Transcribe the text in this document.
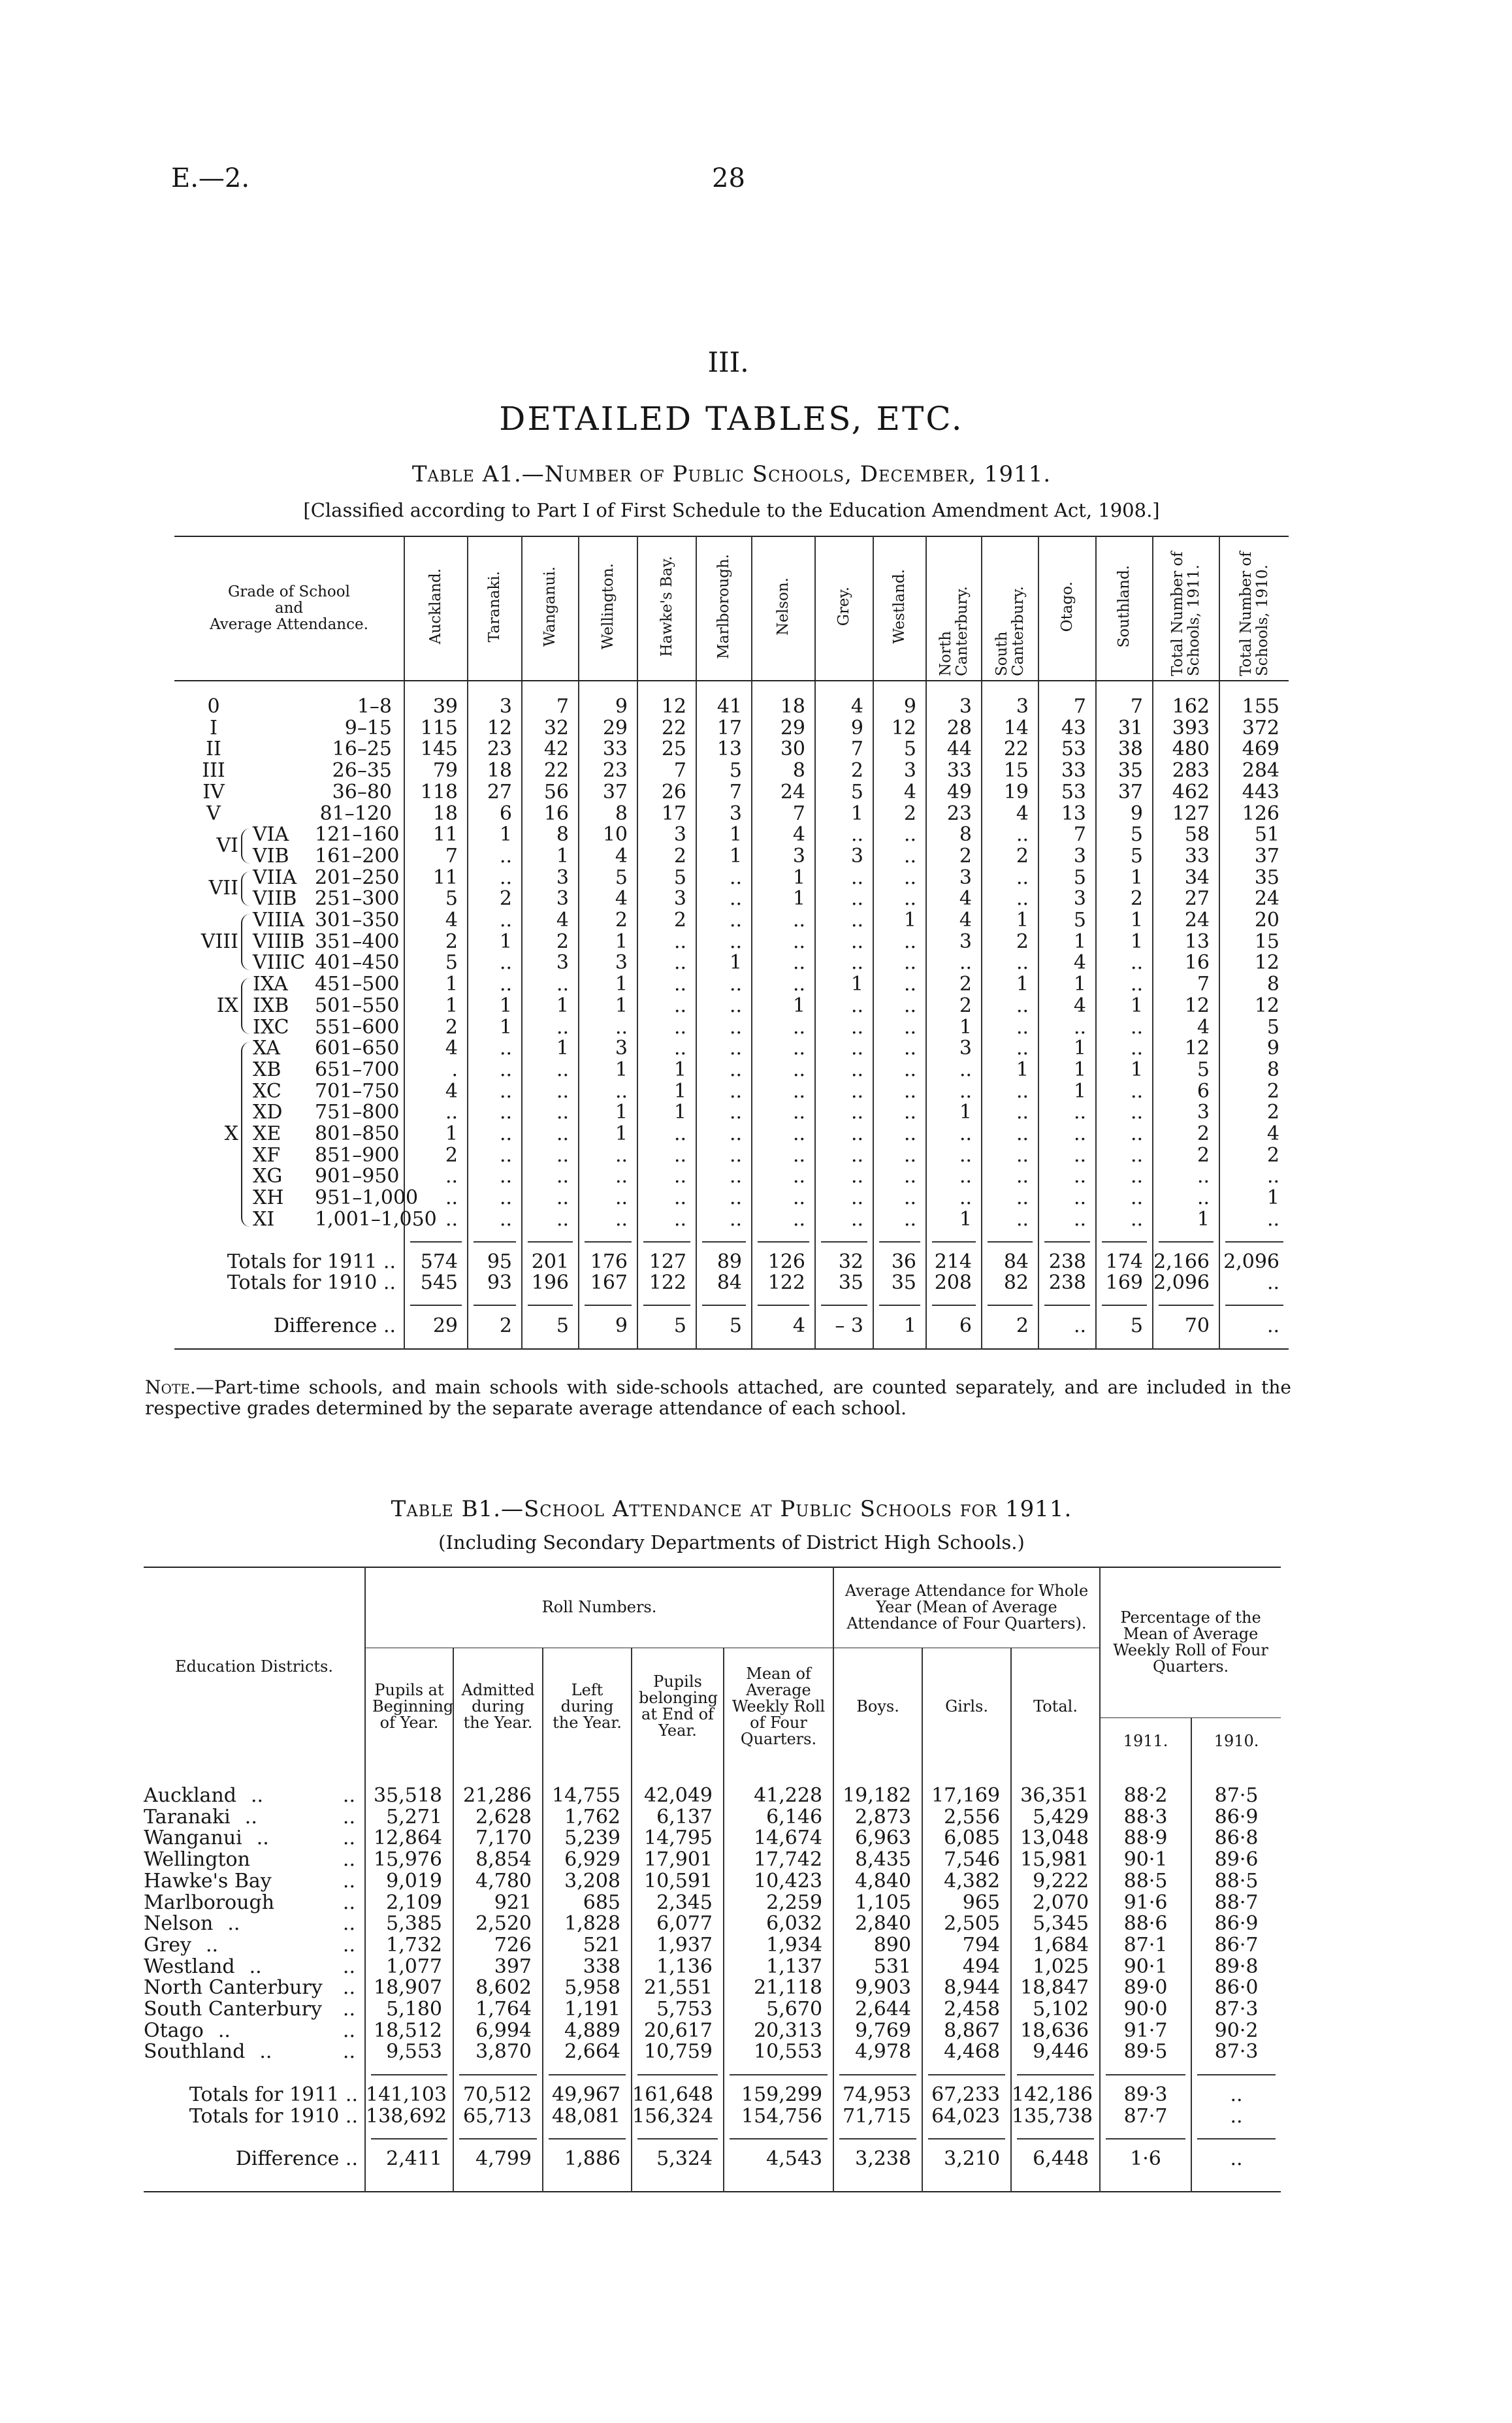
E.—2.	28
III.
DETAILED TABLES, ETC.
Table A1.—Number of Public Schools, December, 1911.
[Classified according to Part I of First Schedule to the Education Amendment Act, 1908.]
Grade of School
and
Average Attendance.			Auckland.	Taranaki.	Wanganui.	Wellington.	Hawke's Bay.	Marlborough.	Nelson.	Grey.	Westland.	North Canterbury.	South Canterbury.	Otago.	Southland.	Total Number of Schools, 1911.	Total Number of Schools, 1910.

0		1–8	39	3	7	9	12	41	18	4	9	3	3	7	7	162	155
I		9–15	115	12	32	29	22	17	29	9	12	28	14	43	31	393	372
II		16–25	145	23	42	33	25	13	30	7	5	44	22	53	38	480	469
III		26–35	79	18	22	23	7	5	8	2	3	33	15	33	35	283	284
IV		36–80	118	27	56	37	26	7	24	5	4	49	19	53	37	462	443
V		81–120	18	6	16	8	17	3	7	1	2	23	4	13	9	127	126
VI	VIA	121–160	11	1	8	10	3	1	4	..	..	8	..	7	5	58	51
	VIB	161–200	7	..	1	4	2	1	3	3	..	2	2	3	5	33	37
VII	VIIA	201–250	11	..	3	5	5	..	1	..	..	3	..	5	1	34	35
	VIIB	251–300	5	2	3	4	3	..	1	..	..	4	..	3	2	27	24
VIII	VIIIA	301–350	4	..	4	2	2	..	..	..	1	4	1	5	1	24	20
	VIIIB	351–400	2	1	2	1	..	..	..	..	..	3	2	1	1	13	15
	VIIIC	401–450	5	..	3	3	..	1	..	..	..	..	..	4	..	16	12
IX	IXA	451–500	1	..	..	1	..	..	..	1	..	2	1	1	..	7	8
	IXB	501–550	1	1	1	1	..	..	1	..	..	2	..	4	1	12	12
	IXC	551–600	2	1	..	..	..	..	..	..	..	1	..	..	..	4	5
X	XA	601–650	4	..	1	3	..	..	..	..	..	3	..	1	..	12	9
	XB	651–700	.	..	..	1	1	..	..	..	..	..	1	1	1	5	8
	XC	701–750	4	..	..	..	1	..	..	..	..	..	..	1	..	6	2
	XD	751–800	..	..	..	1	1	..	..	..	..	1	..	..	..	3	2
	XE	801–850	1	..	..	1	..	..	..	..	..	..	..	..	..	2	4
	XF	851–900	2	..	..	..	..	..	..	..	..	..	..	..	..	2	2
	XG	901–950	..	..	..	..	..	..	..	..	..	..	..	..	..	..	..
	XH	951–1,000	..	..	..	..	..	..	..	..	..	..	..	..	..	..	1
	XI	1,001–1,050	..	..	..	..	..	..	..	..	..	1	..	..	..	1	..

Totals for 1911 ..			574	95	201	176	127	89	126	32	36	214	84	238	174	2,166	2,096
Totals for 1910 ..			545	93	196	167	122	84	122	35	35	208	82	238	169	2,096	..

Difference ..			29	2	5	9	5	5	4	– 3	1	6	2	..	5	70	..

Note.—Part-time schools, and main schools with side-schools attached, are counted separately, and are included in the respective grades determined by the separate average attendance of each school.
Table B1.—School Attendance at Public Schools for 1911.
(Including Secondary Departments of District High Schools.)
Education Districts.	Roll Numbers.					Average Attendance for Whole Year (Mean of Average Attendance of Four Quarters).			Percentage of the Mean of Average Weekly Roll of Four Quarters.	
	Pupils at Beginning of Year.	Admitted during the Year.	Left during the Year.	Pupils belonging at End of Year.	Mean of Average Weekly Roll of Four Quarters.	Boys.	Girls.	Total.		
									1911.	1910.

Auckland .. ..	35,518	21,286	14,755	42,049	41,228	19,182	17,169	36,351	88·2	87·5
Taranaki .. ..	5,271	2,628	1,762	6,137	6,146	2,873	2,556	5,429	88·3	86·9
Wanganui .. ..	12,864	7,170	5,239	14,795	14,674	6,963	6,085	13,048	88·9	86·8
Wellington ..	15,976	8,854	6,929	17,901	17,742	8,435	7,546	15,981	90·1	89·6
Hawke's Bay ..	9,019	4,780	3,208	10,591	10,423	4,840	4,382	9,222	88·5	88·5
Marlborough ..	2,109	921	685	2,345	2,259	1,105	965	2,070	91·6	88·7
Nelson .. ..	5,385	2,520	1,828	6,077	6,032	2,840	2,505	5,345	88·6	86·9
Grey .. ..	1,732	726	521	1,937	1,934	890	794	1,684	87·1	86·7
Westland .. ..	1,077	397	338	1,136	1,137	531	494	1,025	90·1	89·8
North Canterbury ..	18,907	8,602	5,958	21,551	21,118	9,903	8,944	18,847	89·0	86·0
South Canterbury ..	5,180	1,764	1,191	5,753	5,670	2,644	2,458	5,102	90·0	87·3
Otago .. ..	18,512	6,994	4,889	20,617	20,313	9,769	8,867	18,636	91·7	90·2
Southland .. ..	9,553	3,870	2,664	10,759	10,553	4,978	4,468	9,446	89·5	87·3

Totals for 1911 ..	141,103	70,512	49,967	161,648	159,299	74,953	67,233	142,186	89·3	..
Totals for 1910 ..	138,692	65,713	48,081	156,324	154,756	71,715	64,023	135,738	87·7	..

Difference ..	2,411	4,799	1,886	5,324	4,543	3,238	3,210	6,448	1·6	..
